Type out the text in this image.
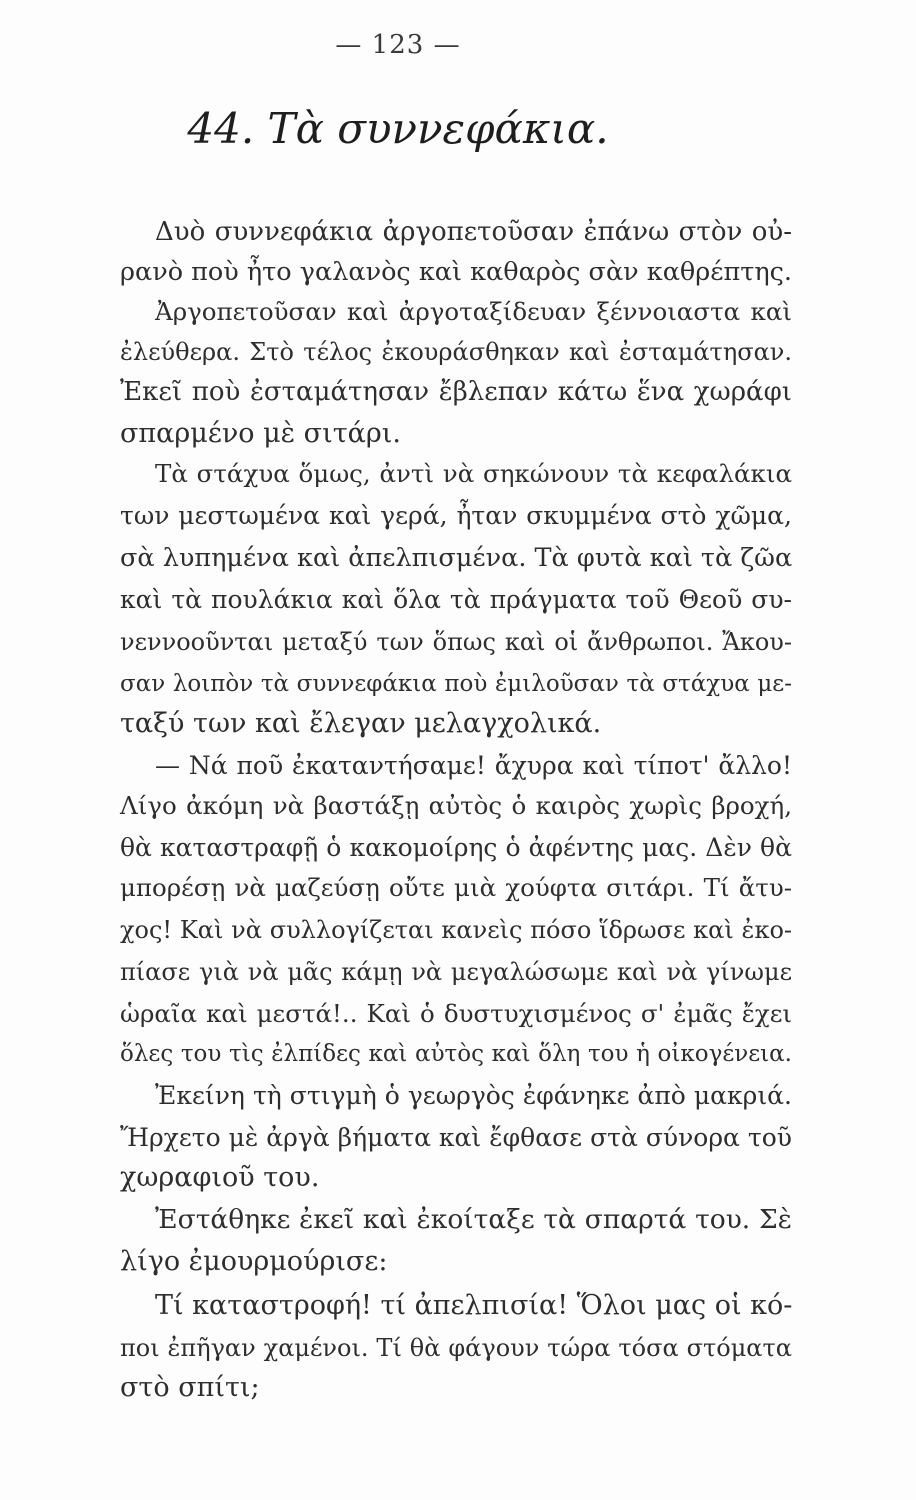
— 123 —
44. Τὰ συννεφάκια.
Δυὸ συννεφάκια ἀργοπετοῦσαν ἐπάνω στὸν οὐ-
ρανὸ ποὺ ἦτο γαλανὸς καὶ καθαρὸς σὰν καθρέπτης.
Ἀργοπετοῦσαν καὶ ἀργοταξίδευαν ξέννοιαστα καὶ
ἐλεύθερα. Στὸ τέλος ἐκουράσθηκαν καὶ ἐσταμάτησαν.
Ἐκεῖ ποὺ ἐσταμάτησαν ἔβλεπαν κάτω ἕνα χωράφι
σπαρμένο μὲ σιτάρι.
Τὰ στάχυα ὅμως, ἀντὶ νὰ σηκώνουν τὰ κεφαλάκια
των μεστωμένα καὶ γερά, ἦταν σκυμμένα στὸ χῶμα,
σὰ λυπημένα καὶ ἀπελπισμένα. Τὰ φυτὰ καὶ τὰ ζῶα
καὶ τὰ πουλάκια καὶ ὅλα τὰ πράγματα τοῦ Θεοῦ συ-
νεννοοῦνται μεταξύ των ὅπως καὶ οἱ ἄνθρωποι. Ἄκου-
σαν λοιπὸν τὰ συννεφάκια ποὺ ἐμιλοῦσαν τὰ στάχυα με-
ταξύ των καὶ ἔλεγαν μελαγχολικά.
— Νά ποῦ ἐκαταντήσαμε! ἄχυρα καὶ τίποτ' ἄλλο!
Λίγο ἀκόμη νὰ βαστάξῃ αὐτὸς ὁ καιρὸς χωρὶς βροχή,
θὰ καταστραφῇ ὁ κακομοίρης ὁ ἀφέντης μας. Δὲν θὰ
μπορέσῃ νὰ μαζεύσῃ οὔτε μιὰ χούφτα σιτάρι. Τί ἄτυ-
χος! Καὶ νὰ συλλογίζεται κανεὶς πόσο ἵδρωσε καὶ ἐκο-
πίασε γιὰ νὰ μᾶς κάμῃ νὰ μεγαλώσωμε καὶ νὰ γίνωμε
ὡραῖα καὶ μεστά!.. Καὶ ὁ δυστυχισμένος σ' ἐμᾶς ἔχει
ὅλες του τὶς ἐλπίδες καὶ αὐτὸς καὶ ὅλη του ἡ οἰκογένεια.
Ἐκείνη τὴ στιγμὴ ὁ γεωργὸς ἐφάνηκε ἀπὸ μακριά.
Ἤρχετο μὲ ἀργὰ βήματα καὶ ἔφθασε στὰ σύνορα τοῦ
χωραφιοῦ του.
Ἐστάθηκε ἐκεῖ καὶ ἐκοίταξε τὰ σπαρτά του. Σὲ
λίγο ἐμουρμούρισε:
Τί καταστροφή! τί ἀπελπισία! Ὅλοι μας οἱ κό-
ποι ἐπῆγαν χαμένοι. Τί θὰ φάγουν τώρα τόσα στόματα
στὸ σπίτι;
